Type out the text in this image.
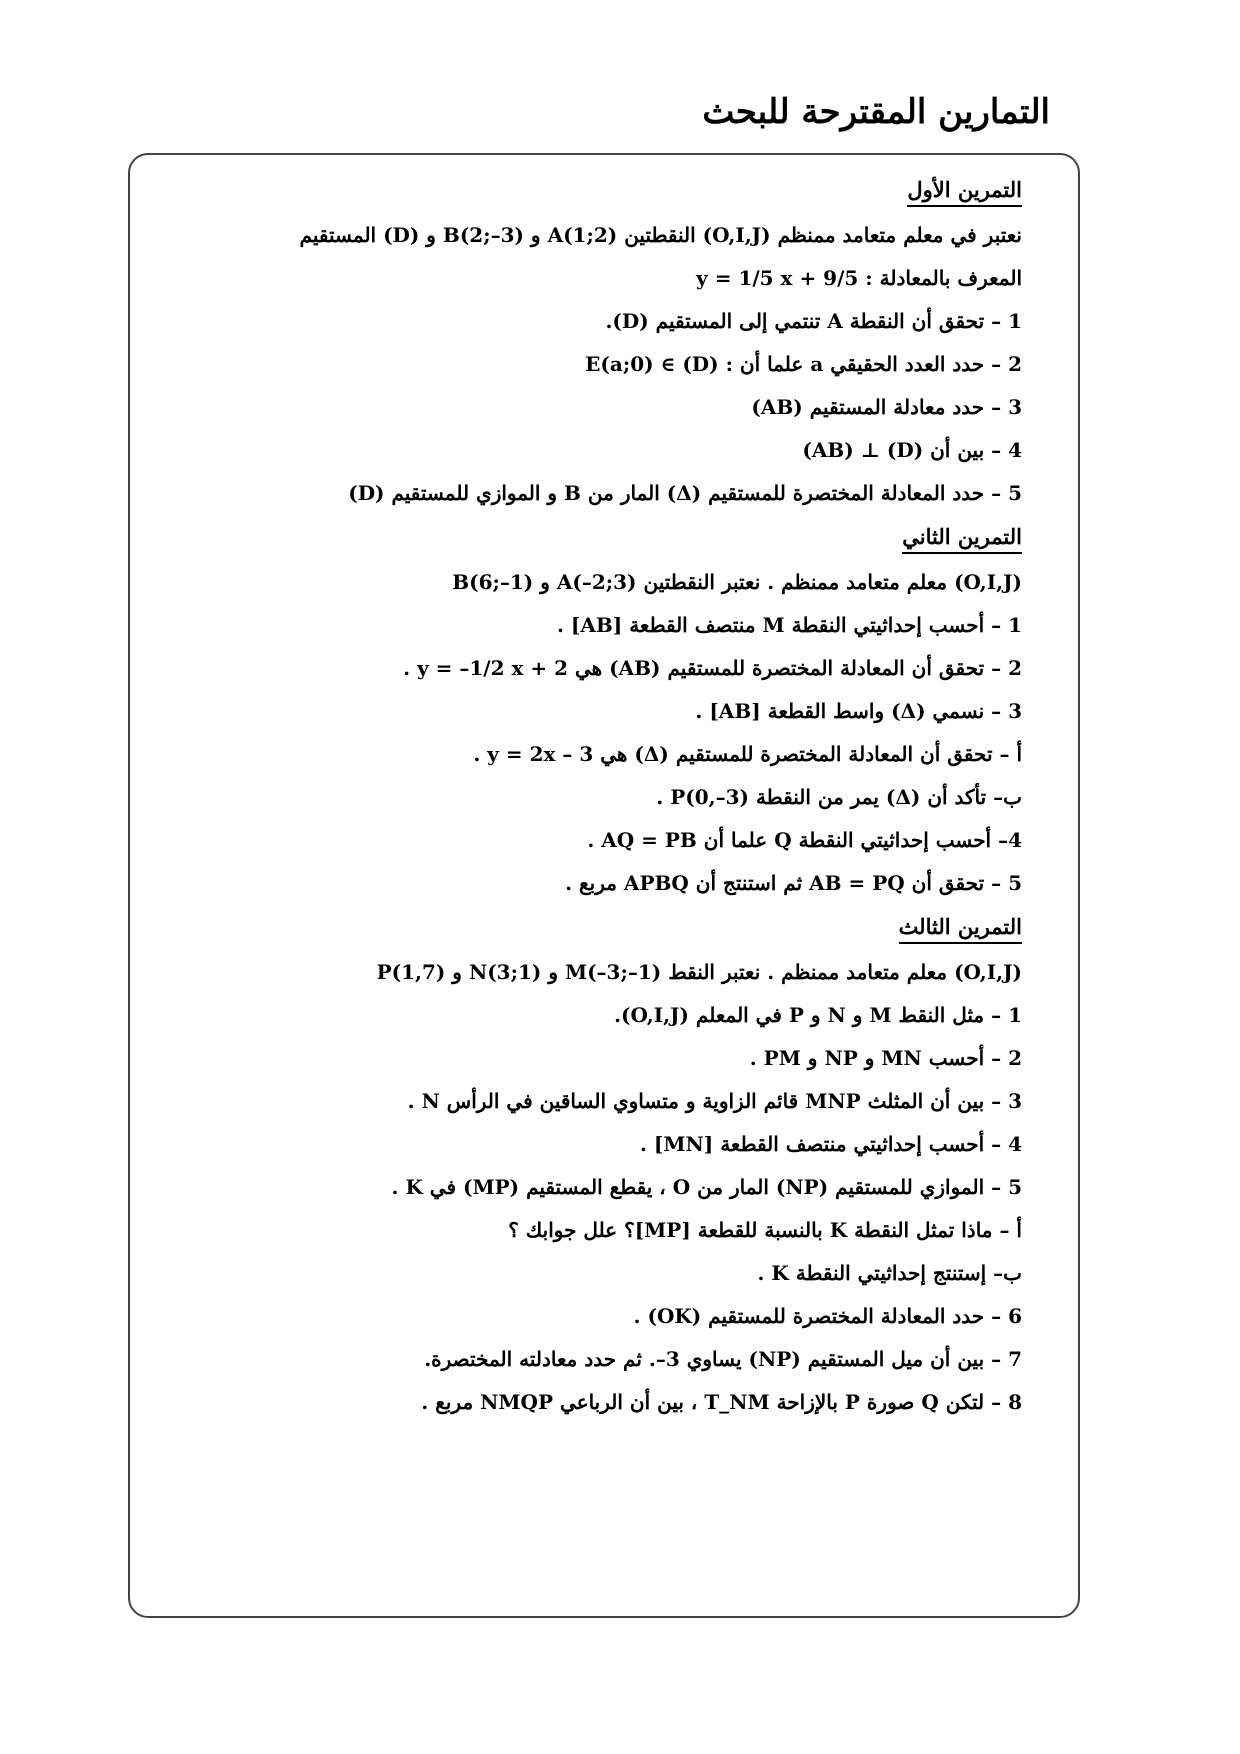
التمارين المقترحة للبحث
التمرين الأول
نعتبر في معلم متعامد ممنظم (O,I,J) النقطتين A(1;2) و B(2;–3) و (D) المستقيم
المعرف بالمعادلة : y = 1/5 x + 9/5
1 – تحقق أن النقطة A تنتمي إلى المستقيم (D).
2 – حدد العدد الحقيقي a علما أن : E(a;0) ∈ (D)
3 – حدد معادلة المستقيم (AB)
4 – بين أن (D) ⊥ (AB)
5 – حدد المعادلة المختصرة للمستقيم (Δ) المار من B و الموازي للمستقيم (D)
التمرين الثاني
(O,I,J) معلم متعامد ممنظم . نعتبر النقطتين A(–2;3) و B(6;–1)
1 – أحسب إحداثيتي النقطة M منتصف القطعة [AB] .
2 – تحقق أن المعادلة المختصرة للمستقيم (AB) هي y = –1/2 x + 2 .
3 – نسمي (Δ) واسط القطعة [AB] .
أ – تحقق أن المعادلة المختصرة للمستقيم (Δ) هي y = 2x – 3 .
ب– تأكد أن (Δ) يمر من النقطة P(0,–3) .
4– أحسب إحداثيتي النقطة Q علما أن AQ = PB .
5 – تحقق أن AB = PQ ثم استنتج أن APBQ مربع .
التمرين الثالث
(O,I,J) معلم متعامد ممنظم . نعتبر النقط M(–3;–1) و N(3;1) و P(1,7)
1 – مثل النقط M و N و P في المعلم (O,I,J).
2 – أحسب MN و NP و PM .
3 – بين أن المثلث MNP قائم الزاوية و متساوي الساقين في الرأس N .
4 – أحسب إحداثيتي منتصف القطعة [MN] .
5 – الموازي للمستقيم (NP) المار من O ، يقطع المستقيم (MP) في K .
أ – ماذا تمثل النقطة K بالنسبة للقطعة [MP]؟ علل جوابك ؟
ب– إستنتج إحداثيتي النقطة K .
6 – حدد المعادلة المختصرة للمستقيم (OK) .
7 – بين أن ميل المستقيم (NP) يساوي 3–. ثم حدد معادلته المختصرة.
8 – لتكن Q صورة P بالإزاحة T_NM ، بين أن الرباعي NMQP مربع .
